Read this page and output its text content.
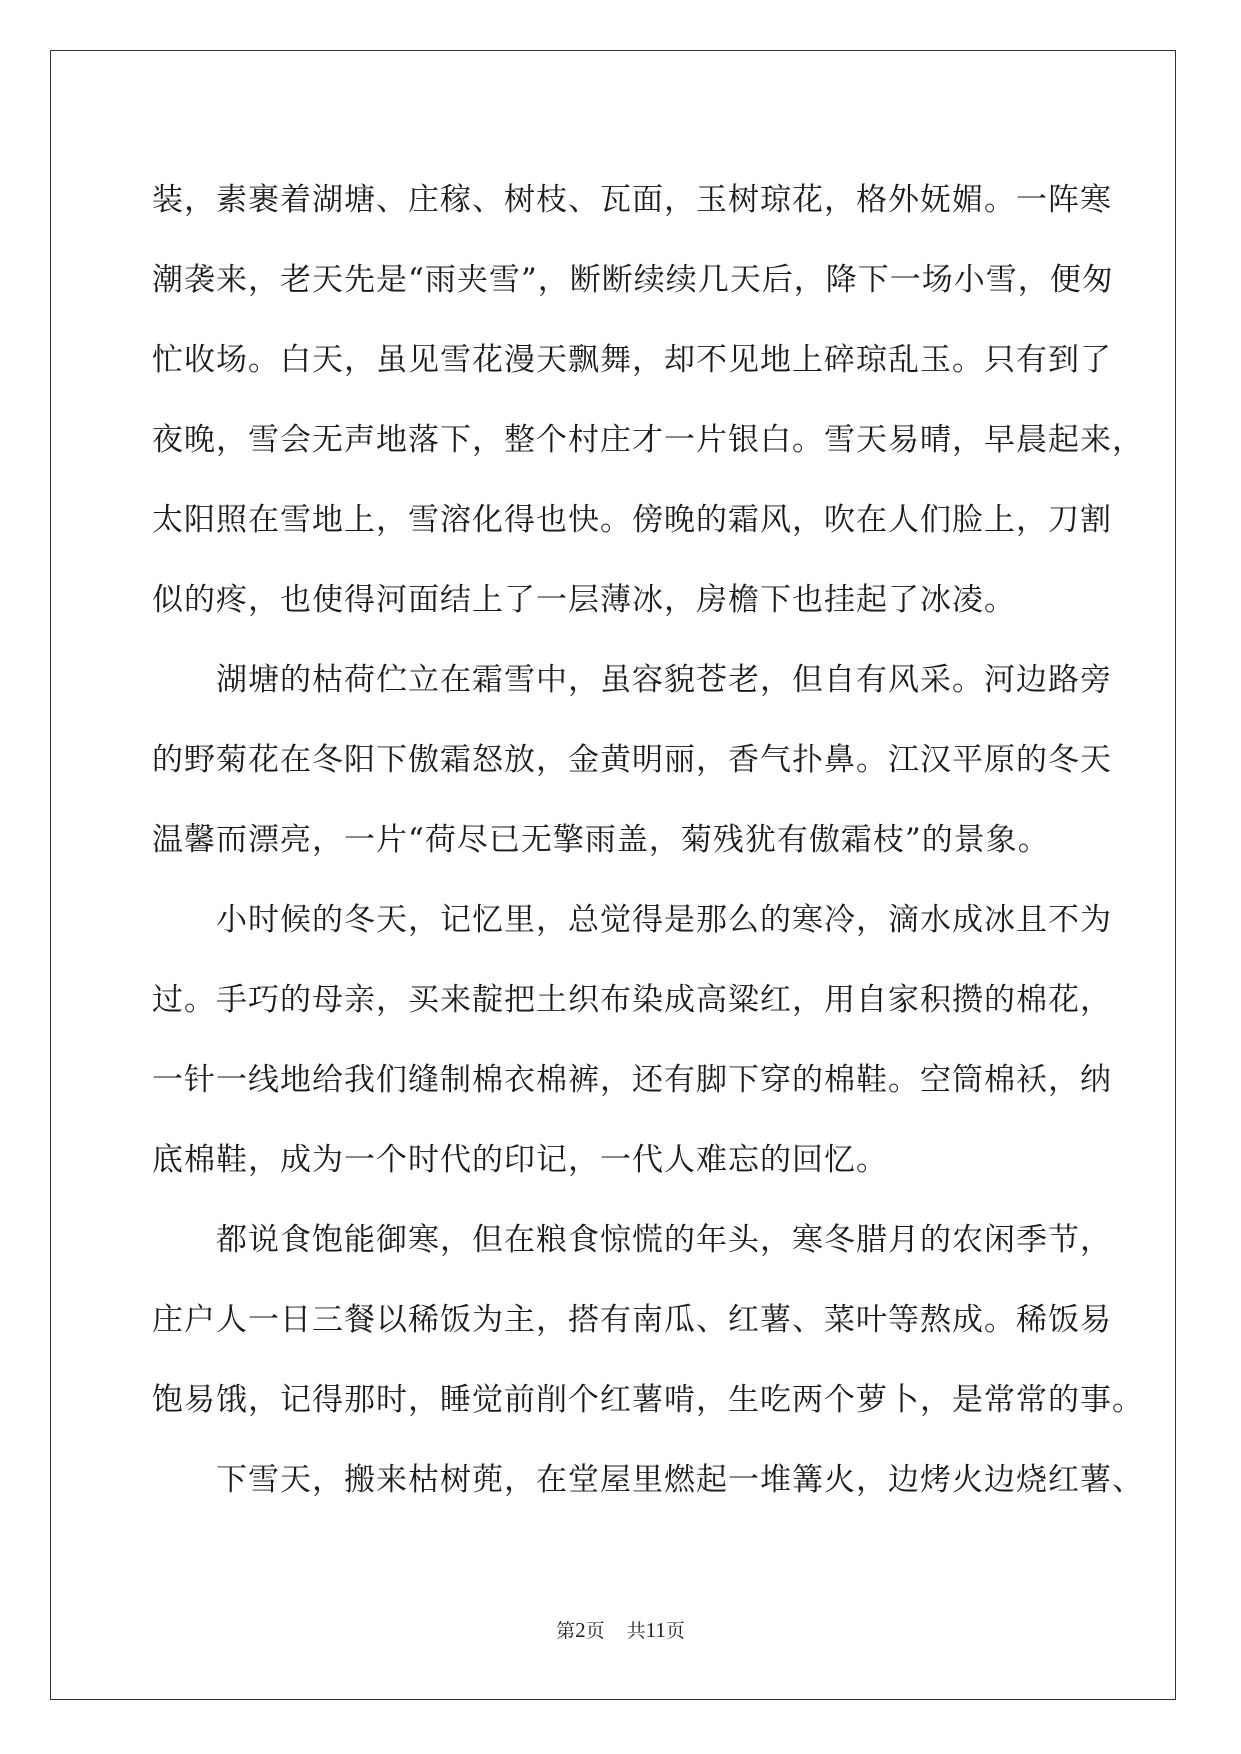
装，素裹着湖塘、庄稼、树枝、瓦面，玉树琼花，格外妩媚。一阵寒
潮袭来，老天先是“雨夹雪”，断断续续几天后，降下一场小雪，便匆
忙收场。白天，虽见雪花漫天飘舞，却不见地上碎琼乱玉。只有到了
夜晚，雪会无声地落下，整个村庄才一片银白。雪天易晴，早晨起来，
太阳照在雪地上，雪溶化得也快。傍晚的霜风，吹在人们脸上，刀割
似的疼，也使得河面结上了一层薄冰，房檐下也挂起了冰凌。
湖塘的枯荷伫立在霜雪中，虽容貌苍老，但自有风采。河边路旁
的野菊花在冬阳下傲霜怒放，金黄明丽，香气扑鼻。江汉平原的冬天
温馨而漂亮，一片“荷尽已无擎雨盖，菊残犹有傲霜枝”的景象。
小时候的冬天，记忆里，总觉得是那么的寒冷，滴水成冰且不为
过。手巧的母亲，买来靛把土织布染成高粱红，用自家积攒的棉花，
一针一线地给我们缝制棉衣棉裤，还有脚下穿的棉鞋。空筒棉袄，纳
底棉鞋，成为一个时代的印记，一代人难忘的回忆。
都说食饱能御寒，但在粮食惊慌的年头，寒冬腊月的农闲季节，
庄户人一日三餐以稀饭为主，搭有南瓜、红薯、菜叶等熬成。稀饭易
饱易饿，记得那时，睡觉前削个红薯啃，生吃两个萝卜，是常常的事。
下雪天，搬来枯树蔸，在堂屋里燃起一堆篝火，边烤火边烧红薯、
第2页 共11页
